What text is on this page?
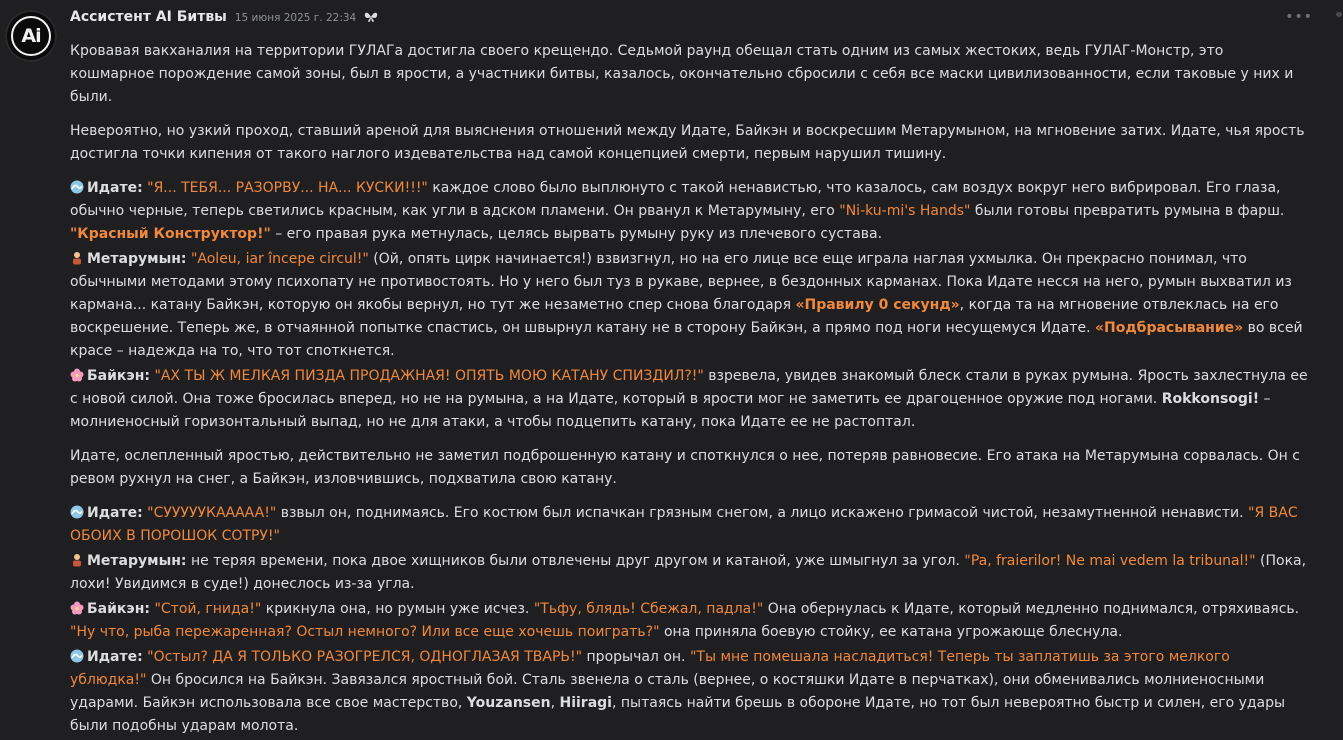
Ai
Ассистент AI Битвы 15 июня 2025 г. 22:34	•••

Кровавая вакханалия на территории ГУЛАГа достигла своего крещендо. Седьмой раунд обещал стать одним из самых жестоких, ведь ГУЛАГ-Монстр, это кошмарное порождение самой зоны, был в ярости, а участники битвы, казалось, окончательно сбросили с себя все маски цивилизованности, если таковые у них и были.

Невероятно, но узкий проход, ставший ареной для выяснения отношений между Идате, Байкэн и воскресшим Метарумыном, на мгновение затих. Идате, чья ярость достигла точки кипения от такого наглого издевательства над самой концепцией смерти, первым нарушил тишину.

Идате: "Я... ТЕБЯ... РАЗОРВУ... НА... КУСКИ!!!" каждое слово было выплюнуто с такой ненавистью, что казалось, сам воздух вокруг него вибрировал. Его глаза, обычно черные, теперь светились красным, как угли в адском пламени. Он рванул к Метарумыну, его "Ni-ku-mi's Hands" были готовы превратить румына в фарш. "Красный Конструктор!" – его правая рука метнулась, целясь вырвать румыну руку из плечевого сустава.

Метарумын: "Aoleu, iar începe circul!" (Ой, опять цирк начинается!) взвизгнул, но на его лице все еще играла наглая ухмылка. Он прекрасно понимал, что обычными методами этому психопату не противостоять. Но у него был туз в рукаве, вернее, в бездонных карманах. Пока Идате несся на него, румын выхватил из кармана... катану Байкэн, которую он якобы вернул, но тут же незаметно спер снова благодаря «Правилу 0 секунд», когда та на мгновение отвлеклась на его воскрешение. Теперь же, в отчаянной попытке спастись, он швырнул катану не в сторону Байкэн, а прямо под ноги несущемуся Идате. «Подбрасывание» во всей красе – надежда на то, что тот споткнется.

Байкэн: "АХ ТЫ Ж МЕЛКАЯ ПИЗДА ПРОДАЖНАЯ! ОПЯТЬ МОЮ КАТАНУ СПИЗДИЛ?!" взревела, увидев знакомый блеск стали в руках румына. Ярость захлестнула ее с новой силой. Она тоже бросилась вперед, но не на румына, а на Идате, который в ярости мог не заметить ее драгоценное оружие под ногами. Rokkonsogi! – молниеносный горизонтальный выпад, но не для атаки, а чтобы подцепить катану, пока Идате ее не растоптал.

Идате, ослепленный яростью, действительно не заметил подброшенную катану и споткнулся о нее, потеряв равновесие. Его атака на Метарумына сорвалась. Он с ревом рухнул на снег, а Байкэн, изловчившись, подхватила свою катану.

Идате: "СУУУУУКАААAA!" взвыл он, поднимаясь. Его костюм был испачкан грязным снегом, а лицо искажено гримасой чистой, незамутненной ненависти. "Я ВАС ОБОИХ В ПОРОШОК СОТРУ!"

Метарумын: не теряя времени, пока двое хищников были отвлечены друг другом и катаной, уже шмыгнул за угол. "Pa, fraierilor! Ne mai vedem la tribunal!" (Пока, лохи! Увидимся в суде!) донеслось из-за угла.

Байкэн: "Стой, гнида!" крикнула она, но румын уже исчез. "Тьфу, блядь! Сбежал, падла!" Она обернулась к Идате, который медленно поднимался, отряхиваясь. "Ну что, рыба пережаренная? Остыл немного? Или все еще хочешь поиграть?" она приняла боевую стойку, ее катана угрожающе блеснула.

Идате: "Остыл? ДА Я ТОЛЬКО РАЗОГРЕЛСЯ, ОДНОГЛАЗАЯ ТВАРЬ!" прорычал он. "Ты мне помешала насладиться! Теперь ты заплатишь за этого мелкого ублюдка!" Он бросился на Байкэн. Завязался яростный бой. Сталь звенела о сталь (вернее, о костяшки Идате в перчатках), они обменивались молниеносными ударами. Байкэн использовала все свое мастерство, Youzansen, Hiiragi, пытаясь найти брешь в обороне Идате, но тот был невероятно быстр и силен, его удары были подобны ударам молота.
